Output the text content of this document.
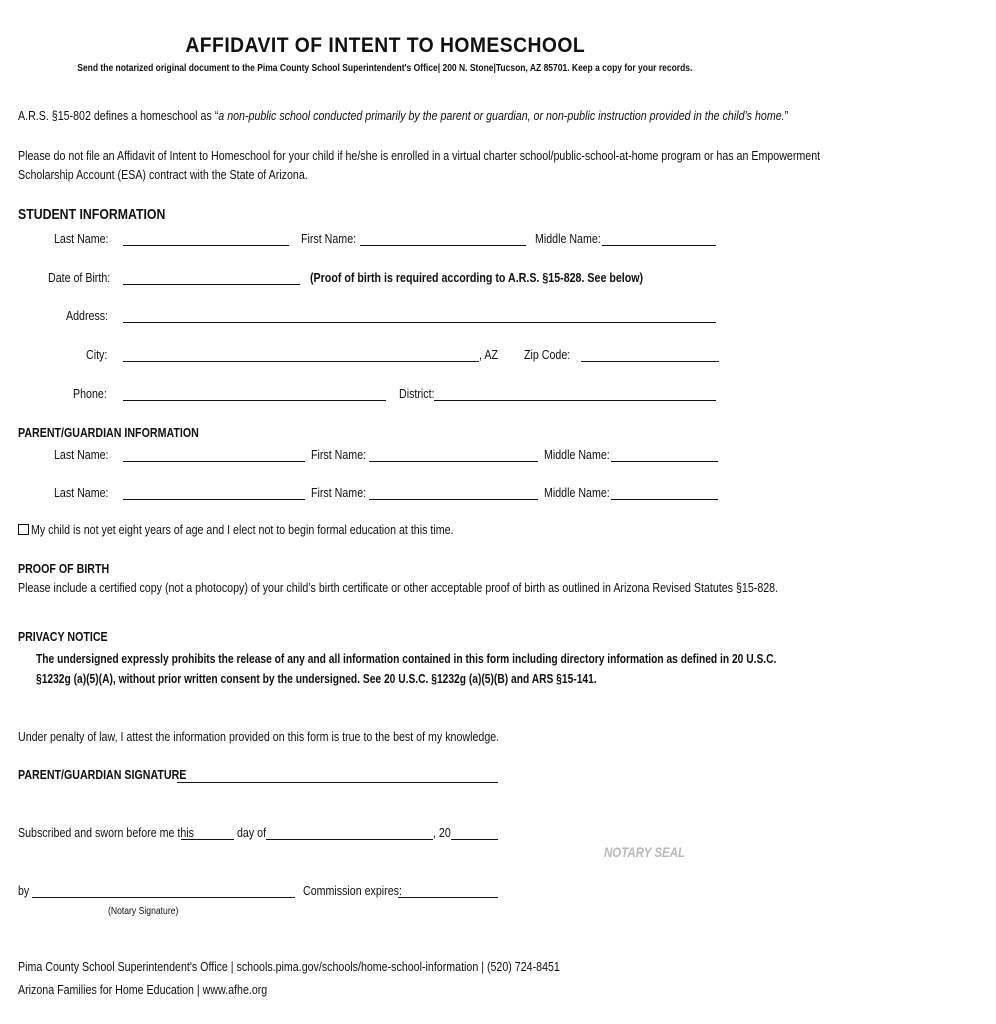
AFFIDAVIT OF INTENT TO HOMESCHOOL
Send the notarized original document to the Pima County School Superintendent's Office| 200 N. Stone|Tucson, AZ 85701. Keep a copy for your records.
A.R.S. §15-802 defines a homeschool as “a non-public school conducted primarily by the parent or guardian, or non-public instruction provided in the child’s home.”
Please do not file an Affidavit of Intent to Homeschool for your child if he/she is enrolled in a virtual charter school/public-school-at-home program or has an Empowerment
Scholarship Account (ESA) contract with the State of Arizona.
STUDENT INFORMATION
Last Name:	First Name:	Middle Name:
Date of Birth:	(Proof of birth is required according to A.R.S. §15-828. See below)
Address:
City:	, AZ	Zip Code:
Phone:	District:
PARENT/GUARDIAN INFORMATION
Last Name:	First Name:	Middle Name:
Last Name:	First Name:	Middle Name:
My child is not yet eight years of age and I elect not to begin formal education at this time.
PROOF OF BIRTH
Please include a certified copy (not a photocopy) of your child’s birth certificate or other acceptable proof of birth as outlined in Arizona Revised Statutes §15-828.
PRIVACY NOTICE
The undersigned expressly prohibits the release of any and all information contained in this form including directory information as defined in 20 U.S.C.
§1232g (a)(5)(A), without prior written consent by the undersigned. See 20 U.S.C. §1232g (a)(5)(B) and ARS §15-141.
Under penalty of law, I attest the information provided on this form is true to the best of my knowledge.
PARENT/GUARDIAN SIGNATURE
Subscribed and sworn before me this	day of	, 20
NOTARY SEAL
by	Commission expires:
(Notary Signature)
Pima County School Superintendent's Office | schools.pima.gov/schools/home-school-information | (520) 724-8451
Arizona Families for Home Education | www.afhe.org
